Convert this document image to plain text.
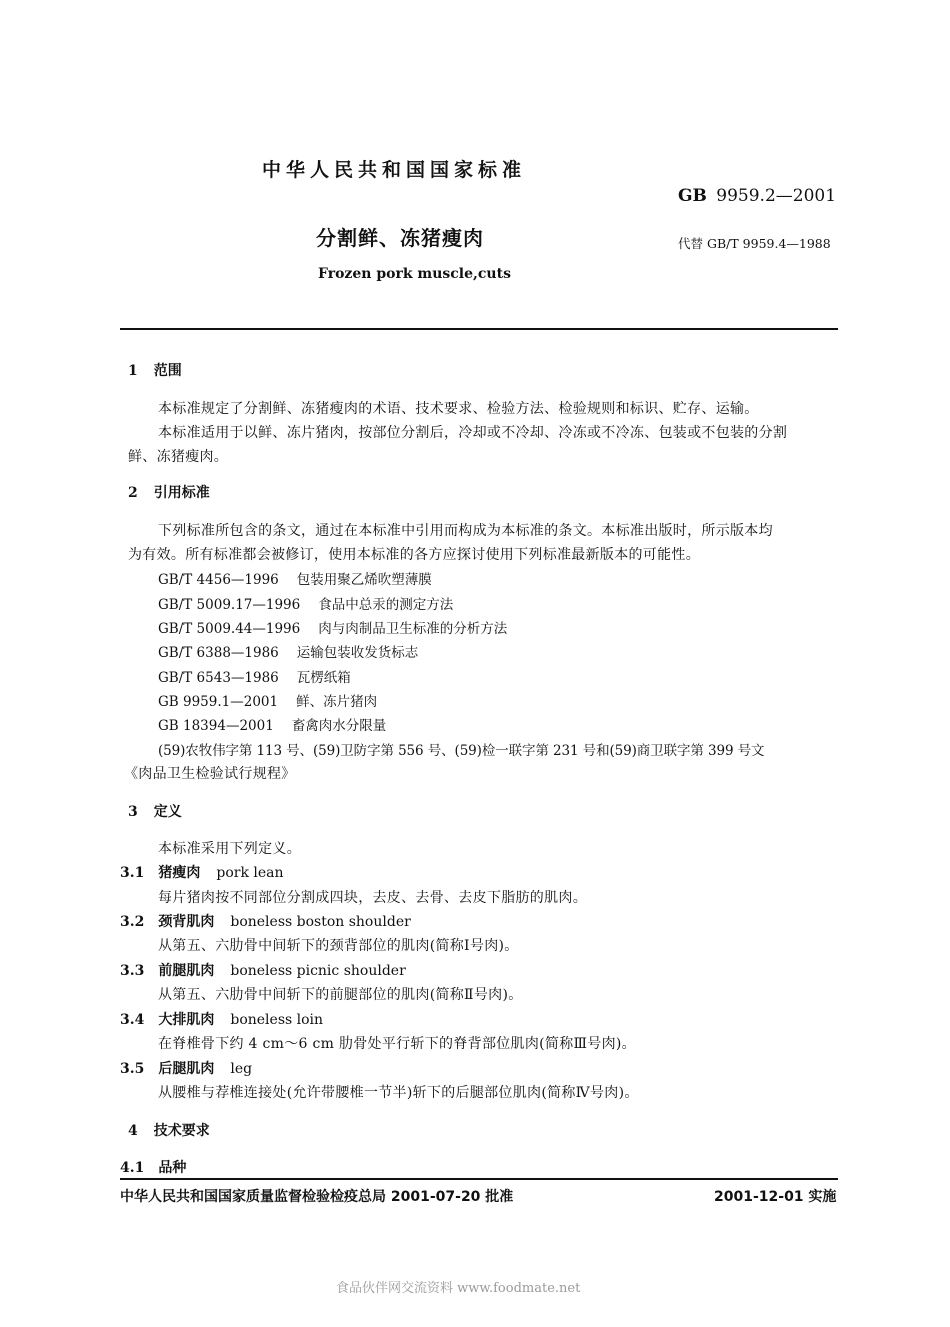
中华人民共和国国家标准
GB 9959.2—2001
分割鲜、冻猪瘦肉	代替 GB/T 9959.4—1988
Frozen pork muscle,cuts
1 范围
本标准规定了分割鲜、冻猪瘦肉的术语、技术要求、检验方法、检验规则和标识、贮存、运输。
本标准适用于以鲜、冻片猪肉，按部位分割后，冷却或不冷却、冷冻或不冷冻、包装或不包装的分割
鲜、冻猪瘦肉。
2 引用标准
下列标准所包含的条文，通过在本标准中引用而构成为本标准的条文。本标准出版时，所示版本均
为有效。所有标准都会被修订，使用本标准的各方应探讨使用下列标准最新版本的可能性。
GB/T 4456—1996 包装用聚乙烯吹塑薄膜
GB/T 5009.17—1996 食品中总汞的测定方法
GB/T 5009.44—1996 肉与肉制品卫生标准的分析方法
GB/T 6388—1986 运输包装收发货标志
GB/T 6543—1986 瓦楞纸箱
GB 9959.1—2001 鲜、冻片猪肉
GB 18394—2001 畜禽肉水分限量
(59)农牧伟字第 113 号、(59)卫防字第 556 号、(59)检一联字第 231 号和(59)商卫联字第 399 号文
《肉品卫生检验试行规程》
3 定义
本标准采用下列定义。
3.1 猪瘦肉 pork lean
每片猪肉按不同部位分割成四块，去皮、去骨、去皮下脂肪的肌肉。
3.2 颈背肌肉 boneless boston shoulder
从第五、六肋骨中间斩下的颈背部位的肌肉(简称Ⅰ号肉)。
3.3 前腿肌肉 boneless picnic shoulder
从第五、六肋骨中间斩下的前腿部位的肌肉(简称Ⅱ号肉)。
3.4 大排肌肉 boneless loin
在脊椎骨下约 4 cm～6 cm 肋骨处平行斩下的脊背部位肌肉(简称Ⅲ号肉)。
3.5 后腿肌肉 leg
从腰椎与荐椎连接处(允许带腰椎一节半)斩下的后腿部位肌肉(简称Ⅳ号肉)。
4 技术要求
4.1 品种
中华人民共和国国家质量监督检验检疫总局 2001-07-20 批准	2001-12-01 实施
食品伙伴网交流资料 www.foodmate.net
